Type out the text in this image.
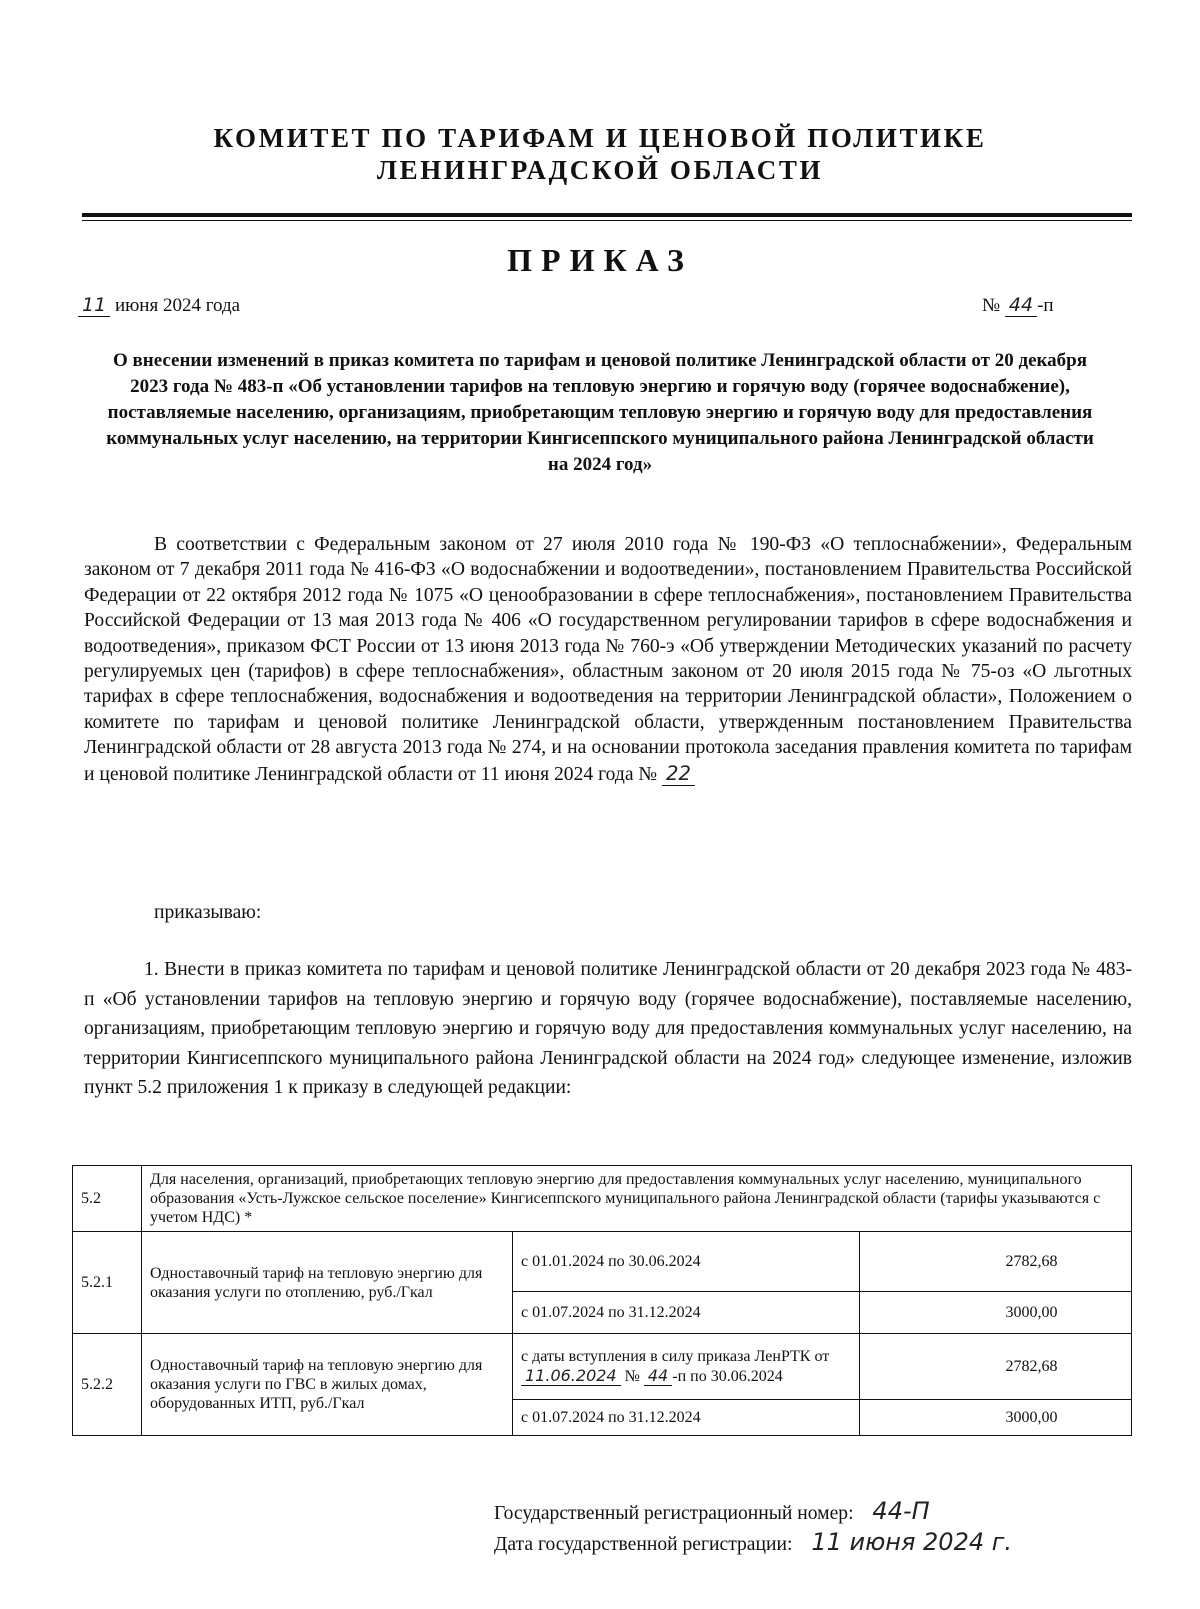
КОМИТЕТ ПО ТАРИФАМ И ЦЕНОВОЙ ПОЛИТИКЕ
ЛЕНИНГРАДСКОЙ ОБЛАСТИ
ПРИКАЗ
11 июня 2024 года	№ 44 -п
О внесении изменений в приказ комитета по тарифам и ценовой политике Ленинградской области от 20 декабря 2023 года № 483-п «Об установлении тарифов на тепловую энергию и горячую воду (горячее водоснабжение), поставляемые населению, организациям, приобретающим тепловую энергию и горячую воду для предоставления коммунальных услуг населению, на территории Кингисеппского муниципального района Ленинградской области на 2024 год»
В соответствии с Федеральным законом от 27 июля 2010 года № 190-ФЗ «О теплоснабжении», Федеральным законом от 7 декабря 2011 года № 416-ФЗ «О водоснабжении и водоотведении», постановлением Правительства Российской Федерации от 22 октября 2012 года № 1075 «О ценообразовании в сфере теплоснабжения», постановлением Правительства Российской Федерации от 13 мая 2013 года № 406 «О государственном регулировании тарифов в сфере водоснабжения и водоотведения», приказом ФСТ России от 13 июня 2013 года № 760-э «Об утверждении Методических указаний по расчету регулируемых цен (тарифов) в сфере теплоснабжения», областным законом от 20 июля 2015 года № 75-оз «О льготных тарифах в сфере теплоснабжения, водоснабжения и водоотведения на территории Ленинградской области», Положением о комитете по тарифам и ценовой политике Ленинградской области, утвержденным постановлением Правительства Ленинградской области от 28 августа 2013 года № 274, и на основании протокола заседания правления комитета по тарифам и ценовой политике Ленинградской области от 11 июня 2024 года № 22
приказываю:
1. Внести в приказ комитета по тарифам и ценовой политике Ленинградской области от 20 декабря 2023 года № 483-п «Об установлении тарифов на тепловую энергию и горячую воду (горячее водоснабжение), поставляемые населению, организациям, приобретающим тепловую энергию и горячую воду для предоставления коммунальных услуг населению, на территории Кингисеппского муниципального района Ленинградской области на 2024 год» следующее изменение, изложив пункт 5.2 приложения 1 к приказу в следующей редакции:
5.2	Для населения, организаций, приобретающих тепловую энергию для предоставления коммунальных услуг населению, муниципального образования «Усть-Лужское сельское поселение» Кингисеппского муниципального района Ленинградской области (тарифы указываются с учетом НДС) *		
5.2.1	Одноставочный тариф на тепловую энергию для оказания услуги по отоплению, руб./Гкал	с 01.01.2024 по 30.06.2024	2782,68
		с 01.07.2024 по 31.12.2024	3000,00
5.2.2	Одноставочный тариф на тепловую энергию для оказания услуги по ГВС в жилых домах, оборудованных ИТП, руб./Гкал	с даты вступления в силу приказа ЛенРТК от 11.06.2024 № 44 -п по 30.06.2024	2782,68
		с 01.07.2024 по 31.12.2024	3000,00
Государственный регистрационный номер: 44-П
Дата государственной регистрации: 11 июня 2024 г.
